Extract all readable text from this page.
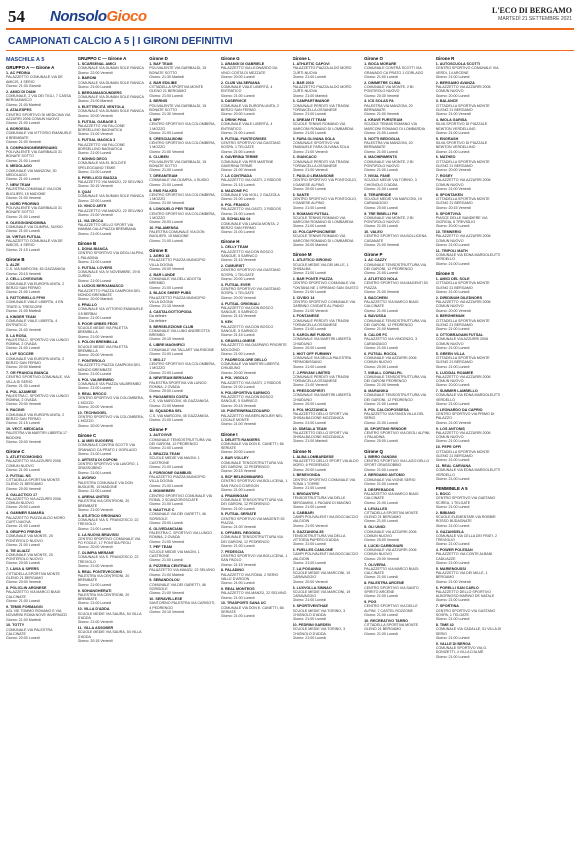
54 NonsoloGioco	L'ECO DI BERGAMO
MARTEDÌ 21 SETTEMBRE 2021
CAMPIONATI CALCIO A 5 | I GIRONI DEFINITIVI
MASCHILE A 5
GRUPPO A — Girone A
1. AC PEDINA
PALAZZETTO COMUNALE VIA DE AMICIS, 4 SERIO
Giorno: 21:30 Giovedì
2. AMICI DI DIAM
COMUNALE, 2 VIA DEI TIGLI, 7 CASSA BERGAMASCO
Giorno: 21:00 Martedì
3. ATALESPES
CENTRO SPORTIVO DI MEDICINA VIA AZZURRI 2006 COMUN NUOVO
Giorno: 21:00 Lunedì
4. BORGESIA
COMUNALE VIA VITTORIO EMANUELE 8 BREMBATE
Giorno: 21:00 Venerdì
5. COMPAGNONEIBERGAMO
POLIVALENTE VIA GARIBALDI 31 BONATE SOTTO
Giorno: 21:00 Lunedì
6. MEDOLAGO
COMUNALE VIA MANZONI, 30 MEDOLAGO
Giorno: 21:00 Lunedì
7. NEW TEAM
PALESTRA COMUNALE VIA DON BUGLIERI, 15 MADONE
Giorno: 21:00 Venerdì
8. NORD PRORING
POLIVALENTE VIA GARIBALDI 31 BONATE SOTTO
Giorno: 21:00 Lunedì
9. OLEGGIOINDOMINA
COMUNALE VIA OLIMPIA, SUISIO
Giorno: 21:00 Lunedì
10. VIRTUS FUTSAL
PALAZZETTO COMUNALE VIA DE AMICIS, 4 SERIO
Giorno: 21:15 Lunedì
Girone B
1. ALZE
C.S. VIA MARCONI, 45 GAZZANIGA
Giorno: 20:15 Venerdì
2. CELL LOVEGUSIN
COMUNALE VIA EUROPA UNITA, 2 BERZO SAN FERMO
Giorno: 21:00 Lunedì
3. FATTORIELLO FF99
COMUNALE VIALE LIBERTA, 4 EN TRATE IL TRESCORE
Giorno: 21:00 Martedì
4. KINDER TEAM
COMUNALE VIALE LIBERTA, 4 ENTRATICO
Giorno: 21:00 Venerdì
5. LA ROSA
PALESTRA C. SPORTIVO VIA LUNGO ROMNA, 2 OVADA
Giorno: 21:00 Lunedì
6. LVF SOCCER
COMUNALE VIA EUROPA UNITA, 2 BERZO SAN FERMO
Giorno: 20:00 Martedì
7. OR FRANCIA BIANCA
CENTRO SPORTIVO COMUNALE, VIA VILLA DI SERIO
Giorno: 21:30 Lunedì
8. POL AZAMESE
PALESTRA C. SPORTIVO VIA LUNGO ROMNA, 2 OVADA
Giorno: 20:00 Venerdì
9. RACING
COMUNALE VIA EUROPA UNITA, 2 BERZO SAN FERMO
Giorno: 21:15 Lunedì
10. VECT. MEDICASA
PALESTRA VIA MARTIRI LIBERTA 17 BIDDONI
Giorno: 20:00 Venerdì
Girone C
1. ATLETICOMONDO
PALAZZETTO VIA AZZURRI 2006 COMUN NUOVO
Giorno: 21:00 Lunedì
2. FUTSAL NS
CITTADELLA SPORTIVA MONTE GLENO 21 BERGAMO
Giorno: 20:00 Venerdì
3. GALACTICO 17
PALAZZETTO VIA AZZURRI 2006 COMUN NUOVO
Giorno: 20:00 Lunedì
4. GAMMER SAMARA
PALAZZETTO PIAZZA ALDO MORO CURTI-NUOVA
Giorno: 21:00 Lunedì
5. GRUPPO FREGHI
COMUNALE VIA MONTE, 20 PONTEROLO NUOVO
Giorno: 21:00 Lunedì
6. TIE ALIAZZ
COMUNALE VIA MONTE, 20 PONTEROLO NUOVO
Giorno: 20:00 Lunedì
7. LAVIA & SIFERS
CITTADELLA SPORTIVA MONTE GLENO 21 BERGAMO
Giorno: 20:00 Venerdì
8. POLICLIN ARONESE
PALAZZETTO VIA MARCO BIAGI CALCINATE
Giorno: 21:00 Lunedì
9. TEMIS FORMAGGI
ASL VIE TOMMO ROMANO E VIA NOVARINI ROMA NOVE INVERNIZZI
Giorno: 21:00 Martedì
10. TOTTY
COMUNALE VIA PALESTRA CALCINATE
Giorno: 20:00 Lunedì
GRUPPO C — Girone A
1. SCARSENAL AMICI
COMUNALE VIA DUMAN SOLE RANICA
Giorno: 22:00 Venerdì
2. BARONI
COMUNALE VIA DUMAN SOLE RANICA
Giorno: 21:00 Lunedì
3. BERGAMASOUNDERS
COMUNALE VIA DUMAN SOLE RANICA
Giorno: 21:00 Martedì
4. ELETTRICITÀ VENTOLA
COMUNALE VIA DUMAN SOLE RANICA
Giorno: 20:00 Venerdì
5. FUTSAL GARAGE 3
PALAZZETTO VIA FALCONE BORSELLINO BAGNATICA
Giorno: 21:00 Venerdì
6. FUTSAL MAGICA 3
PALAZZETTO VIA FALCONE BORSELLINO BAGNATICA
Giorno: 21:00 Lunedì
7. NONNO DECO
COMUNALE VIA EL BOLDITE SPELEGGIANO TEMIE
Giorno: 21:00 Lunedì
8. PIRELLICCI BIADZA
PALAZZETTO VIA MANZÙ, 22 SELVINO
Giorno: 20:15 Venerdì
9. QUAI
COMUNALE VIA DUMAN SOLE RANICA
Giorno: 22:00 Lunedì
10. VINCO ARTE
PALAZZETTO VIA MANZÙ, 22 SELVINO
Giorno: 21:00 Venerdì
11. VIA ZECCA
PALAZZETTO DELLO SPORT VIA MAMMA CALA PIAZZA BREMBANA
Giorno: 21:00 Lunedì
Girone B
1. DONA BIANCA
CENTRO SPORTIVO VIA DEGLI ALPINI, 1 PALADINA
Giorno: 21:00 Lunedì
2. FUTSAL LOVERS
COMUNALE VIA IV NOVEMBRE, 29 B CURNO
Giorno: 21:00 Lunedì
3. LUCKIS BERGAMASCO
PALAZZETTO PIAZZA CAMPIONI DEL MONDO BREMBATE
Giorno: 20:00 Martedì
4. PRALLO
COMUNALE VIA VITTORIO EMANUELE II 8 BERBAI
Giorno: 21:00 Lunedì
5. POOR URBES FEOS
SCUOLE MEDIE VIA PALETTA BREMBILLA
Giorno: 21:00 Venerdì
6. POLON BREMBILLA
SCUOLE MEDIE VIA PALETTA BREMBILLA
Giorno: 20:00 Venerdì
7. PONTEROLO
PALAZZETTO PIAZZA CAMPIONI DEL MONDO BREMBATE
Giorno: 21:00 Lunedì
8. POL VALBREMBO
COMUNALE VIA PIAZZA VALBREMBO
Giorno: 21:00 Lunedì
9. REAL BROCO
CENTRO SPORTIVO VIA COLOMBERA, 1 MOZZO
Giorno: 20:00 Venerdì
10. TECHNOGEL
CENTRO SPORTIVO VIA COLOMBERA, 1 MOZZO
Giorno: 20:00 Venerdì
Girone C
1. AI MIEI SUGGERS
COMUNALE CONTRÀ SCOTTI VIA GRANADO CA PRATO 1 GORLAGO
Giorno: 21:00 Lunedì
2. ARTISTA DI COPONI
CENTRO SPORTIVO VIA LAVORO, 1 GRASSOBBIO
Giorno: 21:00 Lunedì
3. AVORIO
PALESTRA COMUNALE VIA DON BUGLIERI, 15 MADONE
Giorno: 21:00 Lunedì
4. ARENA UNITED
PALESTRA VIA CENTRIONI, 20 BREMBATE
Giorno: 21:00 Venerdì
5. ATLETICO GRIGNANO
COMUNALE VIA S. FRANCESCO, 22 TREVIOLO
Giorno: 21:00 Lunedì
6. LA NUOVA BRAVISSI
CENTRO SPORTIVO COMUNALE VIA PO FOCILE, 17 PONTIDA PEOLI
Giorno: 20:00 Venerdì
7. OLIMPIA MERANE
COMUNALE VIA S. FRANCESCO, 22 TREVIOLO
Giorno: 21:00 Venerdì
8. REAL PONTEVECCHIO
PALESTRA VIA CENTRIONI, 20 BREMBATE
Giorno: 21:00 Lunedì
9. SGHANGHERATI
PALESTRA VIA CENTRIONI, 20 BREMBATE
Giorno: 21:00 Lunedì
10. VILLA D'ADDA
SCUOLE MEDIE VIA SAURA, 54 VILLA D'ADDA
Giorno: 21:00 Venerdì
11. VILLA ASSOBER
SCUOLE MEDIE VIA SAURA, 54 VILLA D'ADDA
Giorno: 20:15 Venerdì
Girone D
1. BAF TEAM
POLIVALENTE VIA GARIBALDI, 15 BONATE SOTTO
Giorno: 21:30 Martedì
2. BAR EDILIBE
CITTADELLA SPORTIVA MONTE GLENO 21 BERGAMO
Giorno: 21:00 Lunedì
3. BERNIS
POLIVALENTE VIA GARIBALDI, 15 BONATE SOTTO
Giorno: 21:30 Venerdì
4. BFF
CENTRO SPORTIVO VIA COLOMBERA, 1 MOZZO
Giorno: 21:00 Lunedì
5. CRESCIALBOINI
CENTRO SPORTIVO VIA COLOMBERA, 1 MOZZO
Giorno: 21:00 Venerdì
6. CLUBEN
POLIVALENTE VIA GARIBALDI, 15 BONATE SOTTO
Giorno: 21:00 Lunedì
7. DREAMTEAM
COMUNALE VIA OLIMPIA, 4 SUISIO
Giorno: 21:00 Lunedì
8. EMS FALKED
CENTRO SPORTIVO VIA COLOMBERA, 1 MOZZO
Giorno: 21:00 Venerdì
9. LONGUELO PER TEAM
CENTRO SPORTIVO VIA COLOMBERA, 1 MOZZO
Giorno: 20:00 Lunedì
10. PALAMENSA
PALESTRA COMUNALE VIA DON BUGLIERI, 15 MADONE
Giorno: 21:00 Lunedì
Girone E
1. AGRO 18
PALAZZETTO PIAZZA MUNICIPIO VILLA DOGNA
Giorno: 20:00 Venerdì
2. BAR LUNDE
COMUNALE VIA DELL'ADOTTA BREMBO
Giorno: 21:00 Lunedì
3. BLACK SHEEP PUBS
PALAZZETTO PIAZZA MUNICIPIO VILLA DOGNA
Giorno: 21:15 Venerdì
4. CASTALGOTTOPODA
Da definire
Da definire
5. BERSELEZIONE CLUB
COMUNALE VIA LUNG ANDREOTTA BREMBO
Giorno: 20:15 Venerdì
6. LIBRE MAGNIFICI
COMUNALE VIA TALLART VALRIDONE
Giorno: 21:00 Lunedì
7. MIO-17
CENTRO SPORTIVO VIA COLOMBERA, 1 MOZZO
Giorno: 21:00 Lunedì
8. NEWTEAM BERGAMO
PALESTRA SPORTIVA VIA LUNGO ROMNA, 2 OVADA
Giorno: 20:00 Lunedì
9. PAGANESSI COSTA
C.S. VIA MARCONI, 45 GAZZANIGA
Giorno: 21:00 Martedì
10. SQUADRA SEL
C.S. VIA MARCONI, 45 GAZZANIGA
Giorno: 21:00 Lunedì
Girone F
1. AUTOVIVE
COMUNALE TENSOSTRUTTURA VIA DEI GARONI, 12 PEDRENGO
Giorno: 21:00 Lunedì
2. BRAZZA TEAM
SCUOLE MEDIE VIA MAGNI, 1 CASTRONE
Giorno: 21:00 Lunedì
3. FORGIONE GAMBUSI
PALAZZETTO PIAZZA MUNICIPIO VILLA DOGNA
Giorno: 21:00 Lunedì
4. MOIMEBERI
CENTRO SPORTIVO COMUNALE VIA ROMA, 2 SCANZOROSCIATE
Giorno: 21:00 Lunedì
5. NAUTYLE C
COMUNALE VIA DEI GARETTI, 46 SORISOLE
Giorno: 20:00 Lunedì
6. OLIVEDANCIANI
PALESTRA C. SPORTIVO VIA LUNGO ROMNA, 2 OVADA
Giorno: 21:00 Venerdì
7. PEF TEAM
SCUOLE MEDIE VIA MAGNI, 1 CASTRONE
Giorno: 21:00 Lunedì
8. PIZZERIA CENTRALE
PALAZZETTO VIA MANZÙ, 22 SELVINO
Giorno: 21:00 Martedì
9. SEBANDOLOU
COMUNALE VIA DEI GARETTI, 46 SORISOLE
Giorno: 21:00 Venerdì
10. SERAVELLESE
SANTORINO PALESTRA VIA CARISOTI, 4 PEDRENGO
Giorno: 20:15 Venerdì
Girone G
1. ARANGI DI GABRIELE
PALAZZETTO VIA LEONARDO DA VINCI COSTA DI MEZZATE
Giorno: 20:00 Lunedì
2. CLUB VALSERIANA
COMUNALE VIALE LIBERTÀ, 4 ENTRATICO
Giorno: 21:00 Lunedì
3. DASERVICE
COMUNALE VIA EUROPA UNITA, 2 BERZO SAN FERMO
Giorno: 20:00 Lunedì
4. DRINK PINA
COMUNALE VIALE LIBERTÀ, 4 ENTRATICO
Giorno: 21:00 Lunedì
5. FUTSAL FUNTECRISES
CENTRO SPORTIVO VIA GASTANO SOSPA, 1 TELGATE
Giorno: 21:00 Lunedì
6. GAVERINA TERME
COMUNALE VIA PER MARTINE GAVERINA TERME
Giorno: 21:00 Venerdì
7. LA CONTRADA
PALAZZETTO VIA GASTI, 2 RIDDOS
Giorno: 21:15 Lunedì
8. MAIZONE FC
COMUNALE VIA VIOLI, 2 GAZZOLA
Giorno: 21:00 Lunedì
9. POL FRANCO
PALAZZETTO VIA GASTI, 2 RIDDOS
Giorno: 21:00 Lunedì
10. SCHALMA 04
COMUNALE VIA LUNGA MONTA, 2 BERZO SAN FERMO
Giorno: 21:00 Lunedì
Girone H
1. CELLY TEAM
PALAZZETTO VIA DON BOSCO SANGUE, 5 SARNICO
Giorno: 21:15 Venerdì
2. CUMURIST
CENTRO SPORTIVO VIA GASTANO SOSPA, 1 TELGATE
Giorno: 20:00 Lunedì
3. FUTSAL EVER
CENTRO SPORTIVO VIA GASTANO SOSPA, 1 TELGATE
Giorno: 20:00 Venerdì
4. FUTSAL ORIGINALI
PALAZZETTO VIA DON BOSCO SANGUE, 5 SARNICO
Giorno: 21:15 Venerdì
5. KEK
PALAZZETTO VIA DON BOSCO SANGUE, 5 SARNICO
Giorno: 21:15 Lunedì
6. GRAVELLONESE
PALAZZETTO VIA GASPARO PRIORITE MOLOGNO
Giorno: 21:00 Lunedì
7. PADRECOLORE DELLO
COMUNALE VIA MARTIRI LIBERTÀ CHIUDUNO
Giorno: 20:00 Venerdì
8. POL VIGOLO
PALAZZETTO VIA GASTI, 2 RIDDOS
Giorno: 21:00 Lunedì
9. POLISPORTIVA SARNICO
PALAZZETTO VIA DON BOSCO SANGUE, 5 SARNICO
Giorno: 20:15 Venerdì
10. PUNTEINEMAZZOUARO
PALAZZETTO VIA BERLINGUER NEL LOCALE MONTE
Giorno: 21:00 Venerdì
Girone I
1. DELETTI RANGERS
COMUNALE VIA DON E. CANETTI, 66 SERIATE
Giorno: 20:00 Lunedì
2. BAR VOLLEY
COMUNALE TENSOSTRUTTURA VIA DEI GARONI, 12 PEDRENGO
Giorno: 20:15 Venerdì
3. BCF BELBOMMAREO
CENTRO SPORTIVO VIA BOLLICENA, 1 SAN PAOLO D'ARGON
Giorno: 21:00 Lunedì
4. FRAMINGAM
COMUNALE TENSOSTRUTTURA VIA DEI GARONI, 12 PEDRENGO
Giorno: 21:00 Lunedì
5. FUTSAL SERIATE
CENTRO SPORTIVO VIA MAGENTI 53 PIAZZA
Giorno: 21:00 Venerdì
6. OFFAREL REGGIGA
COMUNALE TENSOSTRUTTURA VIA DEI GARONI, 12 PEDRENGO
Giorno: 21:00 Lunedì
7. PEDESCIA
CENTRO SPORTIVO VIA BOLLICENA, 1 SAN PAOLO
Giorno: 21:15 Venerdì
8. PALADINO
PALAZZETTO VIA ROMA, 2 SERIO VALLE D'ARGON
Giorno: 21:00 Lunedì
9. REAL MONTEOS
PALAZZETTO VIA MANZÙ, 22 SELVINO
Giorno: 21:00 Lunedì
10. TRASPORTI SANA UC
COMUNALE VIA DON E. CANETTI, 66 SERIATE
Giorno: 21:00 Lunedì
Girone L
1. ATHLETIC CAPOVI
PALAZZETTO PIAZZA ALDO MORO CURTI-NUOVA
Giorno: 21:00 Lunedì
2. BAR 2010
PALAZZETTO PIAZZA ALDO MORO CURTI-NUOVA
Giorno: 21:00 Martedì
3. CAMPARTIMANOE
COMUNALE PERDITI VIA TRAGNI FORNACELLA OSSANESE
Giorno: 21:00 Lunedì
4. DREAM IT TEAM
SCUOLE TENNIS ROMANO VIA MARCONI ROMANO DI LOMBARDIA
Giorno: 21:00 Lunedì
5. FARA OLIVANA SOLA
COMUNALE SPORTIVO VIA EMANUELE FARA OLIVANA SOLA
Giorno: 21:00 Venerdì
6. GIANCACO
COMUNALE PERDITI VIA TRAGNI FORNACELLA OSSANESE
Giorno: 21:00 Venerdì
7. PAOLO LEMANSONE
CENTRO SPORTIVO VIA PONTOGLIO, 9 DANESE ALPINO
Giorno: 20:00 Lunedì
8. SANTE
CENTRO SPORTIVO VIA PONTOGLIO, 9 DANESE ALPINO
Giorno: 21:00 Lunedì
9. ROMANO FUTSAL
SCUOLE TENNIS ROMANO VIA MARCONI ROMANO DI LOMBARDIA
Giorno: 21:00 Lunedì
10. POLCAPPONCINESE
SCUOLE TENNIS ROMANO VIA MARCONI ROMANO DI LOMBARDIA
Giorno: 20:00 Martedì
Girone M
1. ATLETICO GIROINO
SCUOLE MEDIE VIA DEI MILLE, 1 GHISALBA
Giorno: 21:00 Lunedì
2. BAR PONTE PIAZZA
CENTRO SPORTIVO COMUNALE VIA FONTANA NE 1 SPIRANO SAN GIUSTO
Giorno: 21:00 Lunedì
3. CIVIDO 14
CENTRO SPORTIVO COMUNALE VIA GARBINO CIVIDATE AL PIANO
Giorno: 21:00 Venerdì
4. FONTANESE
COMUNALE PERDITI VIA TRAGNI FORNACELLA OSSANESE
Giorno: 21:00 Lunedì
5. KAROLINE FUSION
COMUNALE VIA MARTIRI LIBERTÀ CHIUDUNO
Giorno: 20:00 Lunedì
6. HIGT OFF FURMINY
COMUNALE VIA DELLA PALESTRA PERMOBISSANO
Giorno: 21:00 Lunedì
7. J-PRIVANI LIMITED
COMUNALE PERDITI VIA TRAGNI FORNACELLA OSSANESE
Giorno: 21:00 Venerdì
8. PRESSOSPIRITI
COMUNALE VIA MARTIRI LIBERTÀ CHIUDUNO
Giorno: 20:00 Lunedì
9. POL MOZZANICA
PALAZZETTO DELLO SPORT VIA GHISALBA DONE MOZZANICA
Giorno: 21:00 Lunedì
10. SIMSALA TEAM
PALAZZETTO DELLO SPORT VIA GHISALBA DONE MOZZANICA
Giorno: 21:00 Martedì
Girone N
1. ALBA LOMBARDESE
PALAZZETTO DELLO SPORT VIA ALDO MORO, 6 PEDRENGO
Giorno: 20:00 Lunedì
2. BENEVONDA
CENTRO SPORTIVO COMUNALE VIA ROMA 1 TORRE
Giorno: 21:00 Lunedì
3. BRIGANTIPS
TENSOSTRUTTURA VIA DELLE BERGAMINI, 1 PAGANI DI MIAGNO
Giorno: 21:00 Lunedì
4. CABBARI
CAMPI POLIVALENTI VIA BOCCIACCIO VALGIOIN
Giorno: 21:00 Venerdì
5. GAZZANIGA 85
TENSOSTRUTTURA VIA DELLA VITTORIA PAPERO D'ADDA
Giorno: 21:00 Lunedì
6. FUELLES CAMLONE
CAMPI POLIVALENTI VIA BOCCIACCIO VALGIOIN
Giorno: 21:00 Lunedì
7. LA POGANNA
SCUOLE MEDIE VIA MARCONI, 19 CARAVAGGIO
Giorno: 20:00 Venerdì
8. LUXVOLLA SINNAO
SCUOLE MEDIE VIA MARCONI, 19 CARAVAGGIO
Giorno: 21:00 Lunedì
9. SPORTIVENTHAE
SCUOLE MEDIE VIA TORINO, 3 CHIGNOLO D'ADDA
Giorno: 21:00 Lunedì
10. PEDRINI GARDEN
SCUOLE MEDIE VIA TORINO, 3 CHIGNOLO D'ADDA
Giorno: 21:00 Lunedì
Girone O
1. BOCA MORARE
COMUNALE CONTRÀ SCOTTI VIA GRANADO CA PRATO 1 GORLAGO
Giorno: 21:00 Lunedì
2. DIMMETRE CLIMA
COMUNALE VIA MONTE, 2 BI PONTIROLO NUOVO
Giorno: 20:30 Venerdì
3. ICS SOLAS FA
PALESTRA VIA MANZONI, 20 BERNABATE
Giorno: 21:00 Venerdì
4. KRAVE FURSTEAM
SCUOLE TENNIS ROMANO VIA MARCONI ROMANO DI LOMBARDIA
Giorno: 21:00 Lunedì
5. NOTTI BEDOGLIA
PALESTRA VIA MANZONI, 20 BERNABATE
Giorno: 21:00 Lunedì
6. MACHIRIMENTS
COMUNALE VIA MONTE, 2 BI PONTIROLO NUOVO
Giorno: 21:00 Lunedì
7. NVIAL FANE
SCUOLE MEDIE VIA TORINO, 3 CHIGNOLO D'ADDA
Giorno: 21:00 Lunedì
8. TERARENDE
SCUOLE MEDIE VIA MARCONI, 19 CARAVAGGIO
Giorno: 20:00 Lunedì
9. TRE RIBELLI FM
COMUNALE VIA MONTE, 2 BI PONTIROLO NUOVO
Giorno: 21:00 Lunedì
10. VALEO
CENTRO SPORTIVO VIA BOLLICENA CASANATE
Giorno: 21:00 Venerdì
Girone P
1. AC CAZZY
COMUNALE TENSOSTRUTTURA VIA DEI GARONI, 12 PEDRENGO
Giorno: 21:00 Lunedì
2. ATLETICO NOLA
CENTRO SPORTIVO VIA MAGENTI 53 PIAZZA
Giorno: 21:00 Venerdì
3. BACCHEIN
PALAZZETTO VIA MARCO BIAGI CALCINATE
Giorno: 21:00 Lunedì
4. BAVUSSA
COMUNALE TENSOSTRUTTURA VIA DEI GARONI, 12 PEDRENGO
Giorno: 21:00 Martedì
5. CALOR FC
PALAZZETTO VIA VINCENZO, 3 CARANZAGO
Giorno: 21:00 Lunedì
6. FUTSAL ROCOL
COMUNALE VIA AZZURRI 2006 COMUN NUOVO
Giorno: 20:00 Lunedì
7. INBALL CORIALPIL
COMUNALE TENSOSTRUTTURA VIA DEI GARONI PEDRENGO
Giorno: 21:00 Venerdì
8. MARANIKA
COMUNALE TENSOSTRUTTURA VIA DEI GARONI, 12 PEDRENGO
Giorno: 21:00 Lunedì
9. POL CALCIOPOSSESA
PALAZZETTO VIA FANTA VILLA DEL SERIO
Giorno: 21:00 Lunedì
10. SPORTING RENDOR
CENTRO SPORTIVO VIA DEGLI ALPINI, 1 PALADINA
Giorno: 20:00 Lunedì
Girone Q
1. BIRRO GANDINI
CENTRO SPORTIVO VIA LAGO DELLO SPORT GRASSOBBIO
Giorno: 21:00 Lunedì
2. BERGAMO ANTOMO
COMUNALE VIA VIGNE SERIO
Giorno: 21:00 Lunedì
3. DESPERADOS
PALAZZETTO VIA MARCO BIAGI CALCINATE
Giorno: 21:00 Lunedì
4. LEVALLES
CITTADELLA SPORTIVA MONTE GLENO 21 BERGAMO
Giorno: 21:00 Lunedì
5. GLI UNICI
COMUNALE VIA AZZURRI 2006 COMUN NUOVO
Giorno: 20:00 Venerdì
6. LUCKI CARBONARI
COMUNALE VIA AZZURRI 2006 COMUN NUOVO
Giorno: 20:00 Venerdì
7. OLIVERIA
PALAZZETTO VIA MARCO BIAGI CALCINATE
Giorno: 21:00 Lunedì
8. PALESTRA ARCENE
CENTRO SPORTIVO VIA SANTO SPIRITO ARCENE
Giorno: 21:00 Lunedì
9. POG
CENTRO SPORTIVO VIA DELLE ALPINI, 7 CASTEL ROZZONE
Giorno: 21:00 Lunedì
10. RECREATIVO TARRO
CITTADELLA SPORTIVA MONTE GLENO 21 BERGAMO
Giorno: 21:00 Lunedì
Girone R
1. AUTOSCUOLA SCOTTI
CENTRO SPORTIVO COMUNALE VIA VERDI, 14 ARCENE
Giorno: 21:00 Lunedì
2. BERGAMO AVANZA
PALAZZETTO VIA AZZURRI 2006 COMUN NUOVO
Giorno: 20:00 Lunedì
3. BALANCE
CITTADELLA SPORTIVA MONTE GLENO 21 BERGAMO
Giorno: 21:00 Venerdì
4. IMOLA GARISA
SILVA SPORTIVO DI PIAZZALE NEWTON VERDELLINO
Giorno: 21:00 Lunedì
5. ENGRASH
SILVA SPORTIVO DI PIAZZALE NEWTON VERDELLINO
Giorno: 21:00 Lunedì
6. MATHEO
CITTADELLA SPORTIVA MONTE GLENO 21 BERGAMO
Giorno: 20:00 Venerdì
7. ROSEY
PALAZZETTO VIA AZZURRI 2006 COMUN NUOVO
Giorno: 21:00 Venerdì
8. SPONTAKEN
CITTADELLA SPORTIVA MONTE GLENO 21 BERGAMO
Giorno: 20:15 Venerdì
9. SPORTVIVA
PIASCE DELLE BANDIERE VIA GIORGIA, 6 TREVIGLIO
Giorno: 20:00 Lunedì
10. TEMNERIO
PALAZZETTO VIA AZZURRI 2006 COMUN NUOVO
Giorno: 21:00 Lunedì
11. TRIPOLI MATH
COMUNALE VIA EDNA MARDOLEUTTI VERDELLO
Giorno: 21:00 Lunedì
Girone S
1. AMICI DEL SOLE
CITTADELLA SPORTIVA MONTE GLENO 21 BERGAMO
Giorno: 21:00 Lunedì
2. DIRIDINUM DILEDNORS
PALAZZETTO VIA AZZURRI 2006 COMUN NUOVO
Giorno: 20:00 Venerdì
3. BERGHEMUM
CITTADELLA SPORTIVA MONTE GLENO 21 BERGAMO
Giorno: 21:00 Lunedì
4. OTTOBRAGAMI FUTSAL
COMUNALE VIA AZZURRI 2006 COMUN NUOVO
Giorno: 21:00 Lunedì
5. GREEN VILLA
CITTADELLA SPORTIVA MONTE GLENO 21 BERGAMO
Giorno: 21:00 Lunedì
6. LUCIDAL ROAMEE
PALAZZETTO VIA AZZURRI 2006 COMUN NUOVO
Giorno: 20:00 Lunedì
7. SUMMER LAMBELLO
COMUNALE VIA EDNA MARDOLEUTTI VERDELLO
Giorno: 21:00 Lunedì
8. LEONARDO DA CAPRIO
CENTRO SPORTIVO VIA PRIMO DI PALAZZO
Giorno: 21:00 Venerdì
9. LOS ANTONIS
PALAZZETTO VIA AZZURRI 2006 COMUN NUOVO
Giorno: 21:00 Lunedì
10. PEPE OFFI
CITTADELLA SPORTIVA MONTE GLENO 21 BERGAMO
Giorno: 21:00 Lunedì
11. REAL CARVANA
COMUNALE VIA EDNA MARDOLEUTTI VERDELLO
Giorno: 21:00 Lunedì
FEMMINILE A 5
1. BOCC
CENTRO SPORTIVO VIA GAETANO SCIREA, 1 TELGATE
Giorno: 21:00 Lunedì
2. BIBIANO
SCUOLE ELEMENTARI VIA ROBBIR ROSSO BUDAGNATE
Giorno: 21:00 Lunedì
3. GAZANSIELA
COMUNALE VIA CELLA DEI FRATI, 2 TREVIGLIO
Giorno: 21:00 Lunedì
4. POWER POLESAN
PALAZZETTO VIA CONTE ALBANI CADLIAZZE
Giorno: 21:00 Lunedì
5. MARIENOUSSI
PALAZZETTO VIA DEI MILLE, 1 BERGAMO
Giorno: 21:00 Venerdì
6. PORELLI SAN CARLO
PALAZZETTO DELLO SPORTIVO ALBORNOSO MARINO DE NATALE
Giorno: 21:00 Lunedì
7. SPORTINA
CENTRO SPORTIVO VIA GASTANO SOSPA, 1 TELGATE
Giorno: 21:00 Lunedì
8. TIME 42
COMUNALE VIA CADALLE, 51 VILLA DI SERIO
Giorno: 21:00 Lunedì
9. VALLE DI BERGA
COMUNALE SPORTIVO VIA G. DONIZETTI, 4 VILLA D'ALMÈ
Giorno: 21:00 Lunedì
